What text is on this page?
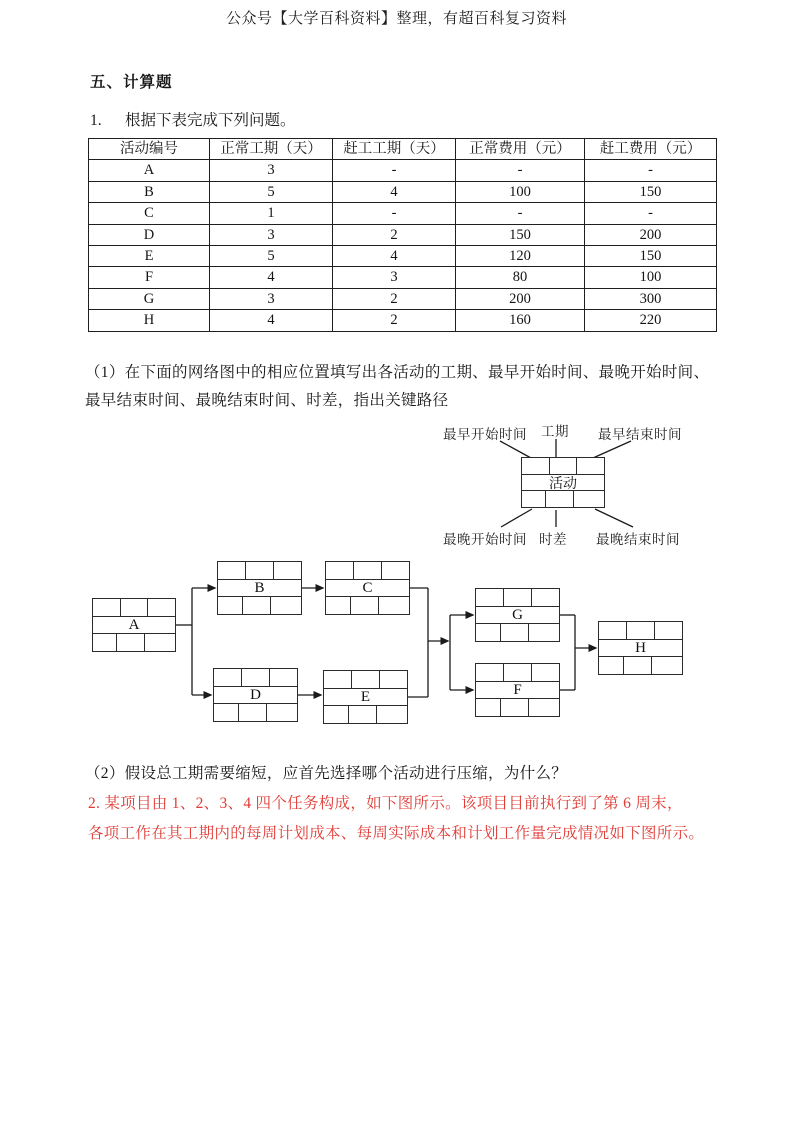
公众号【大学百科资料】整理，有超百科复习资料
五、计算题
1. 根据下表完成下列问题。
活动编号	正常工期（天）	赶工工期（天）	正常费用（元）	赶工费用（元）
A	3	-	-	-
B	5	4	100	150
C	1	-	-	-
D	3	2	150	200
E	5	4	120	150
F	4	3	80	100
G	3	2	200	300
H	4	2	160	220
（1）在下面的网络图中的相应位置填写出各活动的工期、最早开始时间、最晚开始时间、
最早结束时间、最晚结束时间、时差，指出关键路径
最早开始时间 工期 最早结束时间
最晚开始时间 时差 最晚结束时间
活动
A
B	C
D	E
G
F
H
（2）假设总工期需要缩短，应首先选择哪个活动进行压缩，为什么？
2. 某项目由 1、2、3、4 四个任务构成，如下图所示。该项目目前执行到了第 6 周末，
各项工作在其工期内的每周计划成本、每周实际成本和计划工作量完成情况如下图所示。
